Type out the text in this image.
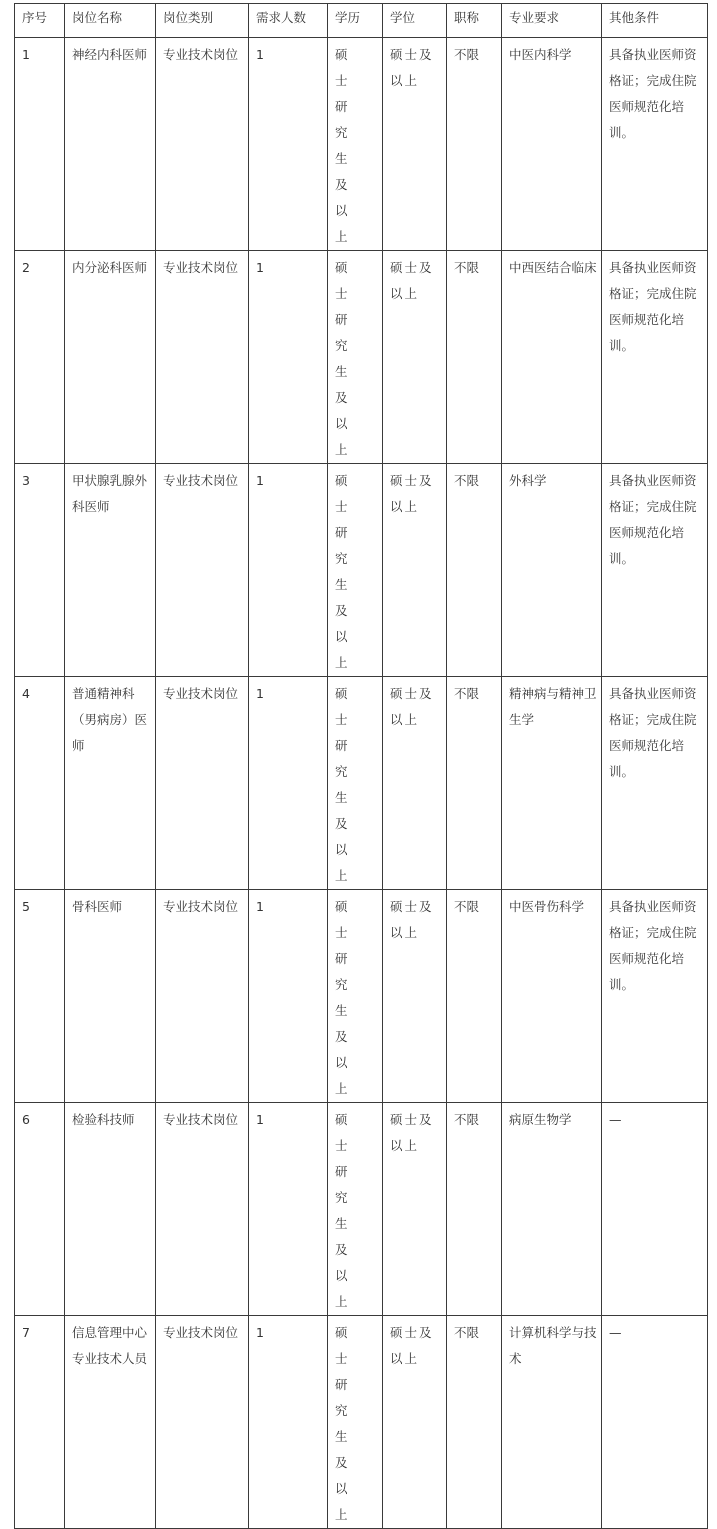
序号	岗位名称	岗位类别	需求人数	学历	学位	职称	专业要求	其他条件
1	神经内科医师	专业技术岗位	1	硕士研究生及以上	硕士及以上	不限	中医内科学	具备执业医师资格证；完成住院医师规范化培训。
2	内分泌科医师	专业技术岗位	1	硕士研究生及以上	硕士及以上	不限	中西医结合临床	具备执业医师资格证；完成住院医师规范化培训。
3	甲状腺乳腺外科医师	专业技术岗位	1	硕士研究生及以上	硕士及以上	不限	外科学	具备执业医师资格证；完成住院医师规范化培训。
4	普通精神科（男病房）医师	专业技术岗位	1	硕士研究生及以上	硕士及以上	不限	精神病与精神卫生学	具备执业医师资格证；完成住院医师规范化培训。
5	骨科医师	专业技术岗位	1	硕士研究生及以上	硕士及以上	不限	中医骨伤科学	具备执业医师资格证；完成住院医师规范化培训。
6	检验科技师	专业技术岗位	1	硕士研究生及以上	硕士及以上	不限	病原生物学	—
7	信息管理中心专业技术人员	专业技术岗位	1	硕士研究生及以上	硕士及以上	不限	计算机科学与技术	—
